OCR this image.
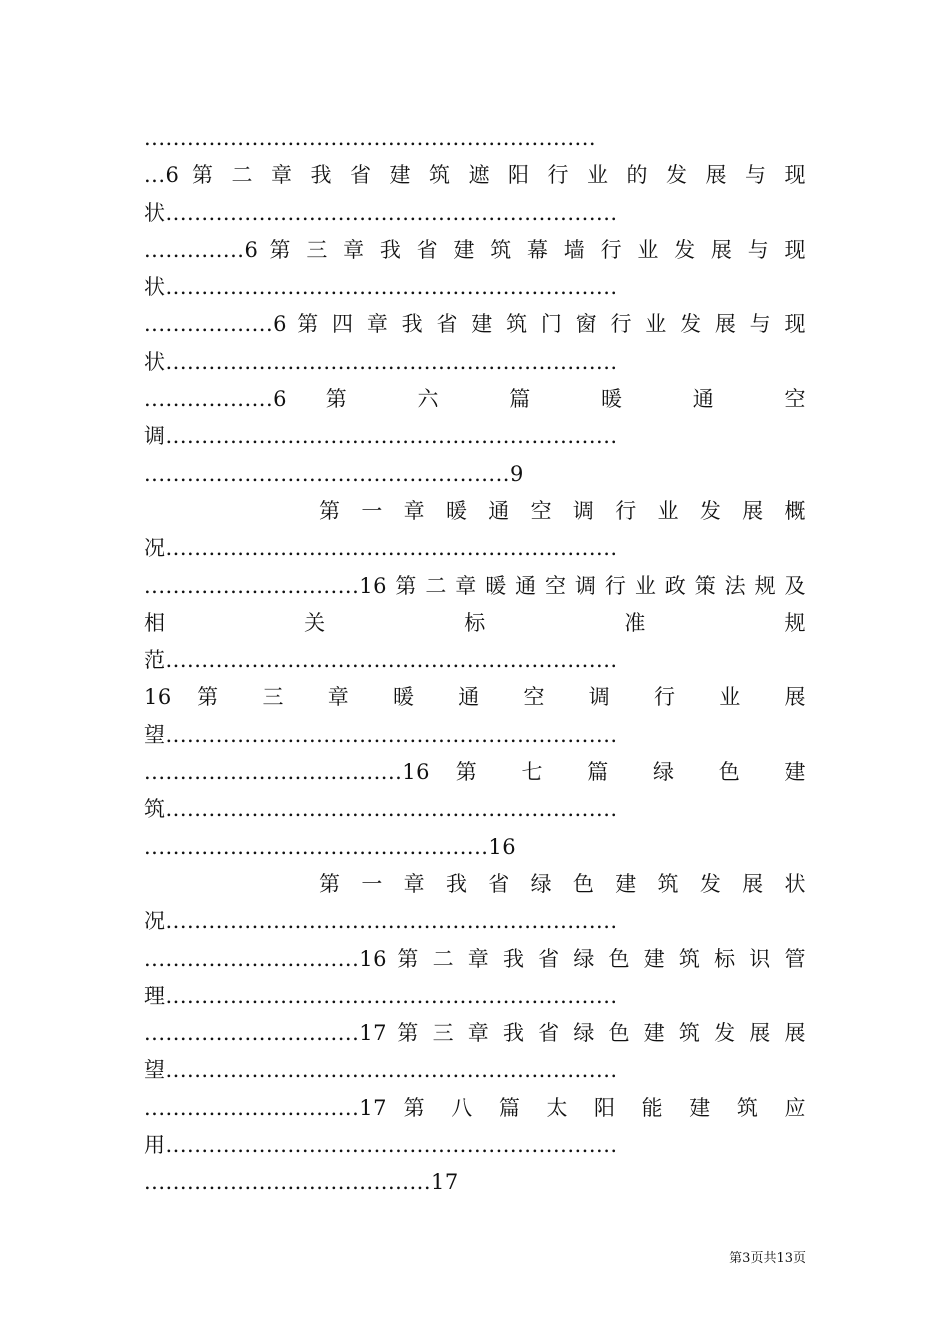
...............................................................
...6 第 二 章 我 省 建 筑 遮 阳 行 业 的 发 展 与 现
状...............................................................
..............6 第 三 章 我 省 建 筑 幕 墙 行 业 发 展 与 现
状...............................................................
..................6 第 四 章 我 省 建 筑 门 窗 行 业 发 展 与 现
状...............................................................
..................6 第 六 篇 暖 通 空
调...............................................................
...................................................9
第 一 章 暖 通 空 调 行 业 发 展 概
况...............................................................
..............................16第二章暖通空调行业政策法规及
相 关 标 准 规
范...............................................................
16 第 三 章 暖 通 空 调 行 业 展
望...............................................................
....................................16 第 七 篇 绿 色 建
筑...............................................................
................................................16
第 一 章 我 省 绿 色 建 筑 发 展 状
况...............................................................
..............................16 第 二 章 我 省 绿 色 建 筑 标 识 管
理...............................................................
..............................17 第 三 章 我 省 绿 色 建 筑 发 展 展
望...............................................................
..............................17 第 八 篇 太 阳 能 建 筑 应
用...............................................................
........................................17
第3页共13页
